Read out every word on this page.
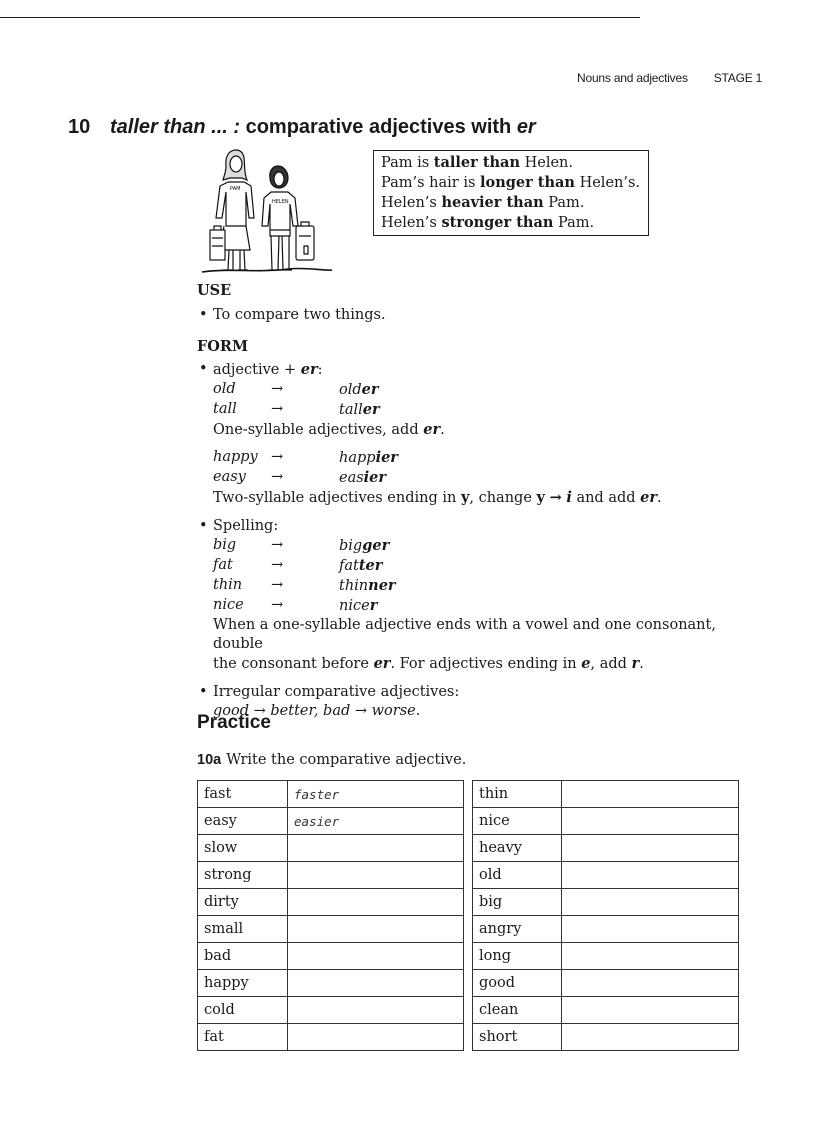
Nouns and adjectives STAGE 1
10 taller than ... : comparative adjectives with er
PAM
HELEN
Pam is taller than Helen.
Pam’s hair is longer than Helen’s.
Helen’s heavier than Pam.
Helen’s stronger than Pam.
USE
• To compare two things.
FORM
• adjective + er:
old	→	older
tall	→	taller
One-syllable adjectives, add er.
happy →	happier
easy	→	easier
Two-syllable adjectives ending in y, change y → i and add er.
• Spelling:
big	→	bigger
fat	→	fatter
thin	→	thinner
nice	→	nicer
When a one-syllable adjective ends with a vowel and one consonant, double
the consonant before er. For adjectives ending in e, add r.
• Irregular comparative adjectives:
good → better, bad → worse.
Practice
10a Write the comparative adjective.
fast	faster
easy	easier
slow	
strong	
dirty	
small	
bad	
happy	
cold	
fat	
thin	
nice	
heavy	
old	
big	
angry	
long	
good	
clean	
short	
